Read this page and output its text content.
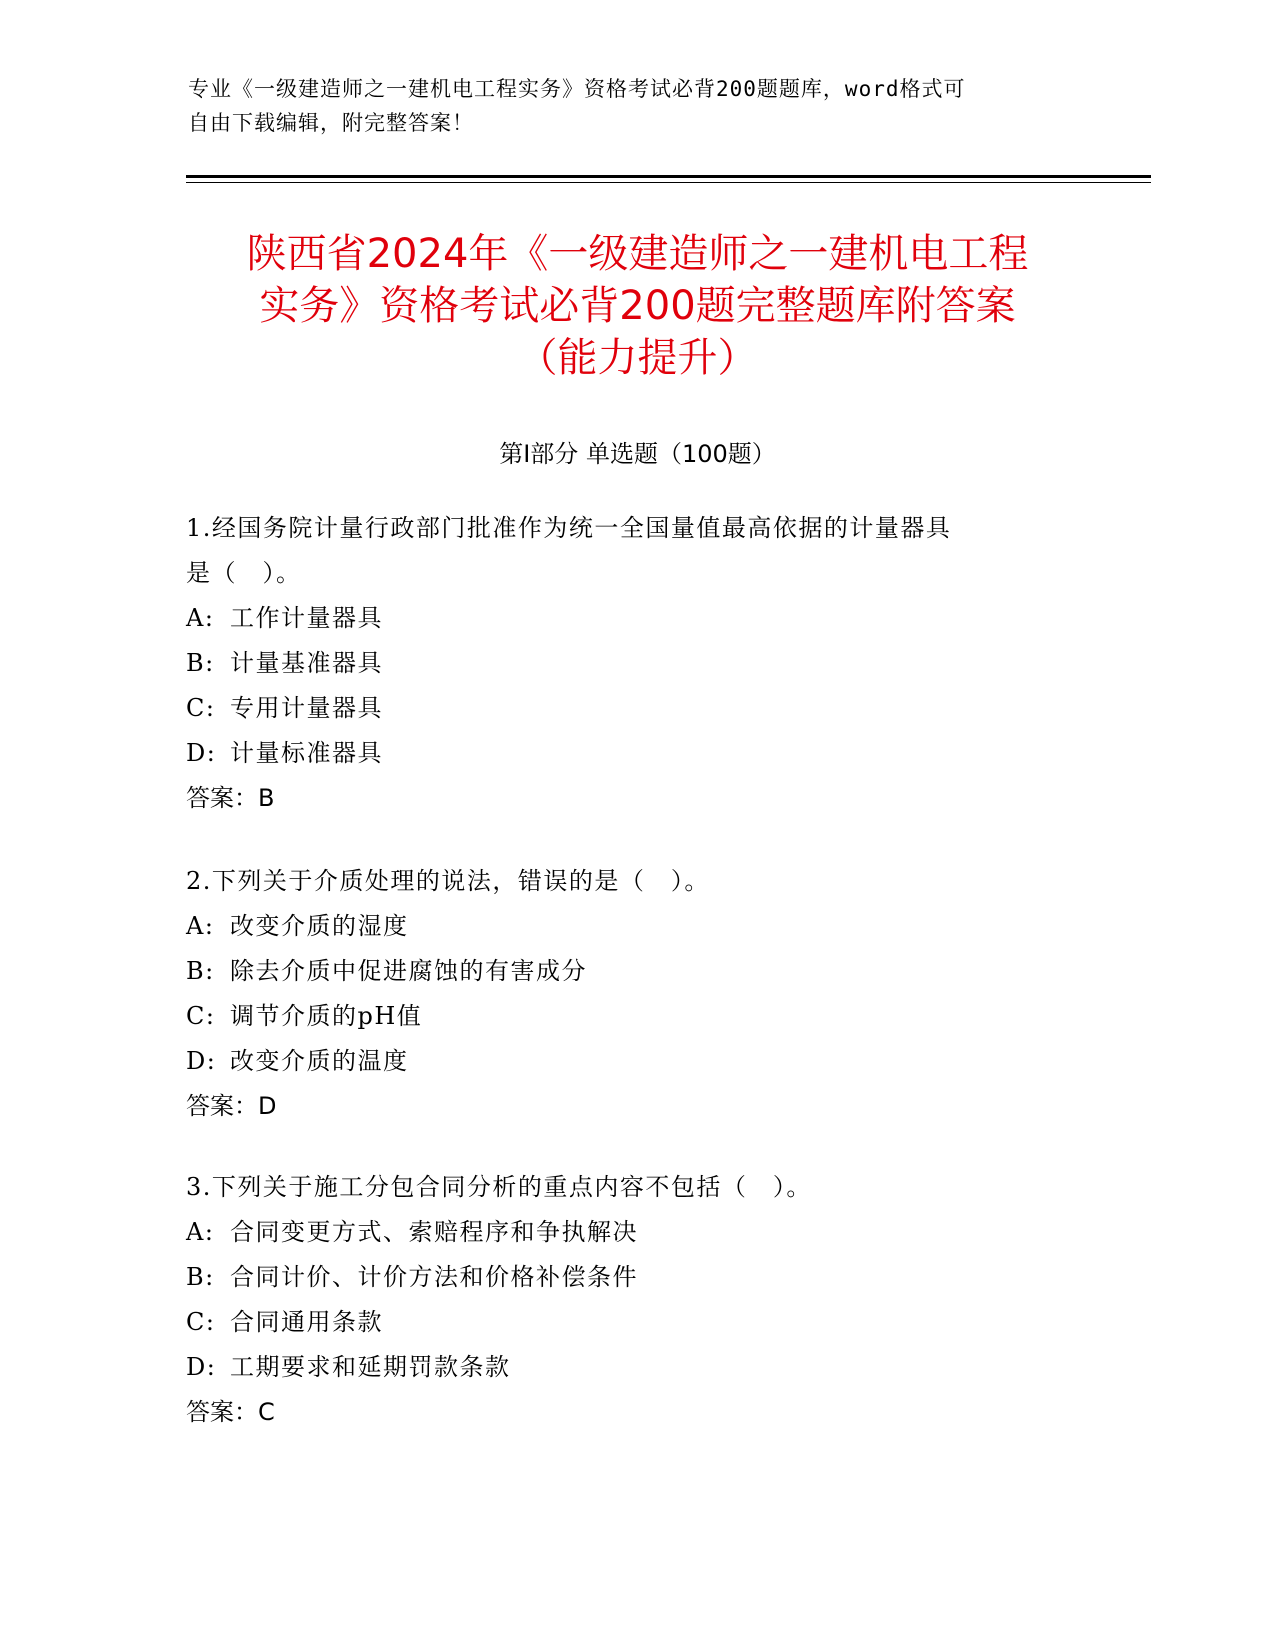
专业《一级建造师之一建机电工程实务》资格考试必背200题题库，word格式可
自由下载编辑，附完整答案！
陕西省2024年《一级建造师之一建机电工程
实务》资格考试必背200题完整题库附答案
（能力提升）
第Ⅰ部分 单选题（100题）
1.经国务院计量行政部门批准作为统一全国量值最高依据的计量器具
是（　）。
A: 工作计量器具
B: 计量基准器具
C: 专用计量器具
D: 计量标准器具
答案：B
2.下列关于介质处理的说法，错误的是（　）。
A: 改变介质的湿度
B: 除去介质中促进腐蚀的有害成分
C: 调节介质的pH值
D: 改变介质的温度
答案：D
3.下列关于施工分包合同分析的重点内容不包括（　）。
A: 合同变更方式、索赔程序和争执解决
B: 合同计价、计价方法和价格补偿条件
C: 合同通用条款
D: 工期要求和延期罚款条款
答案：C
